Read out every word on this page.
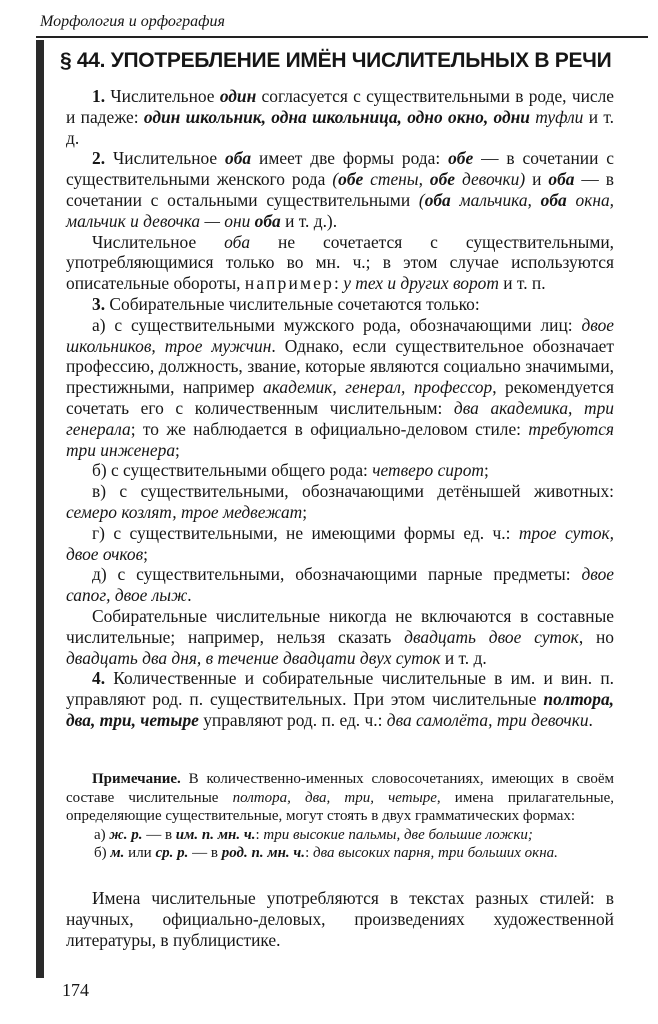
Морфология и орфография
§ 44. УПОТРЕБЛЕНИЕ ИМЁН ЧИСЛИТЕЛЬНЫХ В РЕЧИ

1. Числительное один согласуется с существительными в роде, числе и падеже: один школьник, одна школьница, одно окно, одни туфли и т. д.

2. Числительное оба имеет две формы рода: обе — в сочетании с существительными женского рода (обе стены, обе девочки) и оба — в сочетании с остальными существительными (оба мальчика, оба окна, мальчик и девочка — они оба и т. д.).

Числительное оба не сочетается с существительными, употребляющимися только во мн. ч.; в этом случае используются описательные обороты, например: у тех и других ворот и т. п.

3. Собирательные числительные сочетаются только:

а) с существительными мужского рода, обозначающими лиц: двое школьников, трое мужчин. Однако, если существительное обозначает профессию, должность, звание, которые являются социально значимыми, престижными, например академик, генерал, профессор, рекомендуется сочетать его с количественным числительным: два академика, три генерала; то же наблюдается в официально-деловом стиле: требуются три инженера;

б) с существительными общего рода: четверо сирот;

в) с существительными, обозначающими детёнышей животных: семеро козлят, трое медвежат;

г) с существительными, не имеющими формы ед. ч.: трое суток, двое очков;

д) с существительными, обозначающими парные предметы: двое сапог, двое лыж.

Собирательные числительные никогда не включаются в составные числительные; например, нельзя сказать двадцать двое суток, но двадцать два дня, в течение двадцати двух суток и т. д.

4. Количественные и собирательные числительные в им. и вин. п. управляют род. п. существительных. При этом числительные полтора, два, три, четыре управляют род. п. ед. ч.: два самолёта, три девочки.

Примечание. В количественно-именных словосочетаниях, имеющих в своём составе числительные полтора, два, три, четыре, имена прилагательные, определяющие существительные, могут стоять в двух грамматических формах:

а) ж. р. — в им. п. мн. ч.: три высокие пальмы, две большие ложки;

б) м. или ср. р. — в род. п. мн. ч.: два высоких парня, три больших окна.

Имена числительные употребляются в текстах разных стилей: в научных, официально-деловых, произведениях художественной литературы, в публицистике.

174
